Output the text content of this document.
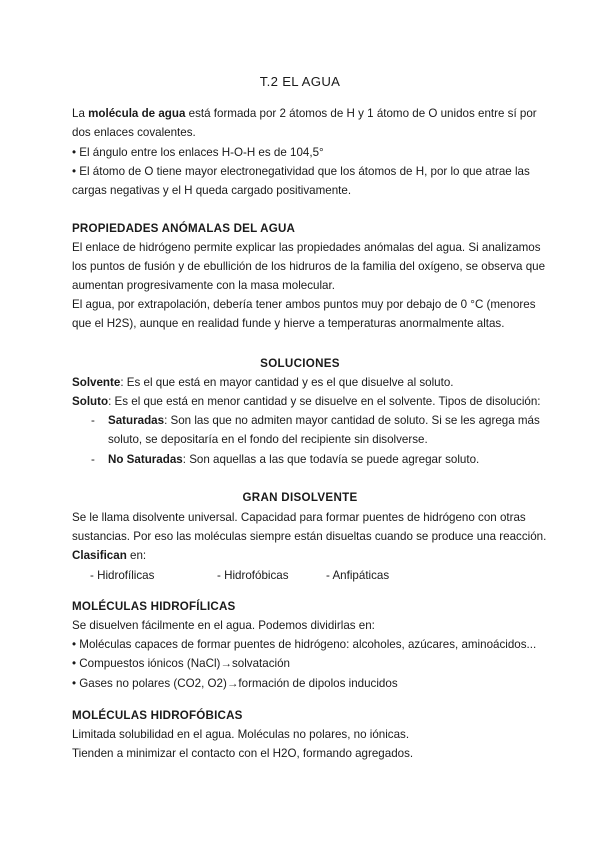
T.2 EL AGUA
La molécula de agua está formada por 2 átomos de H y 1 átomo de O unidos entre sí por
dos enlaces covalentes.
• El ángulo entre los enlaces H-O-H es de 104,5°
• El átomo de O tiene mayor electronegatividad que los átomos de H, por lo que atrae las
cargas negativas y el H queda cargado positivamente.
PROPIEDADES ANÓMALAS DEL AGUA
El enlace de hidrógeno permite explicar las propiedades anómalas del agua. Si analizamos
los puntos de fusión y de ebullición de los hidruros de la familia del oxígeno, se observa que
aumentan progresivamente con la masa molecular.
El agua, por extrapolación, debería tener ambos puntos muy por debajo de 0 °C (menores
que el H2S), aunque en realidad funde y hierve a temperaturas anormalmente altas.
SOLUCIONES
Solvente: Es el que está en mayor cantidad y es el que disuelve al soluto.
Soluto: Es el que está en menor cantidad y se disuelve en el solvente. Tipos de disolución:
- Saturadas: Son las que no admiten mayor cantidad de soluto. Si se les agrega más
soluto, se depositaría en el fondo del recipiente sin disolverse.
- No Saturadas: Son aquellas a las que todavía se puede agregar soluto.
GRAN DISOLVENTE
Se le llama disolvente universal. Capacidad para formar puentes de hidrógeno con otras
sustancias. Por eso las moléculas siempre están disueltas cuando se produce una reacción.
Clasifican en:
- Hidrofílicas	- Hidrofóbicas	- Anfipáticas
MOLÉCULAS HIDROFÍLICAS
Se disuelven fácilmente en el agua. Podemos dividirlas en:
• Moléculas capaces de formar puentes de hidrógeno: alcoholes, azúcares, aminoácidos...
• Compuestos iónicos (NaCl)→solvatación
• Gases no polares (CO2, O2)→formación de dipolos inducidos
MOLÉCULAS HIDROFÓBICAS
Limitada solubilidad en el agua. Moléculas no polares, no iónicas.
Tienden a minimizar el contacto con el H2O, formando agregados.
